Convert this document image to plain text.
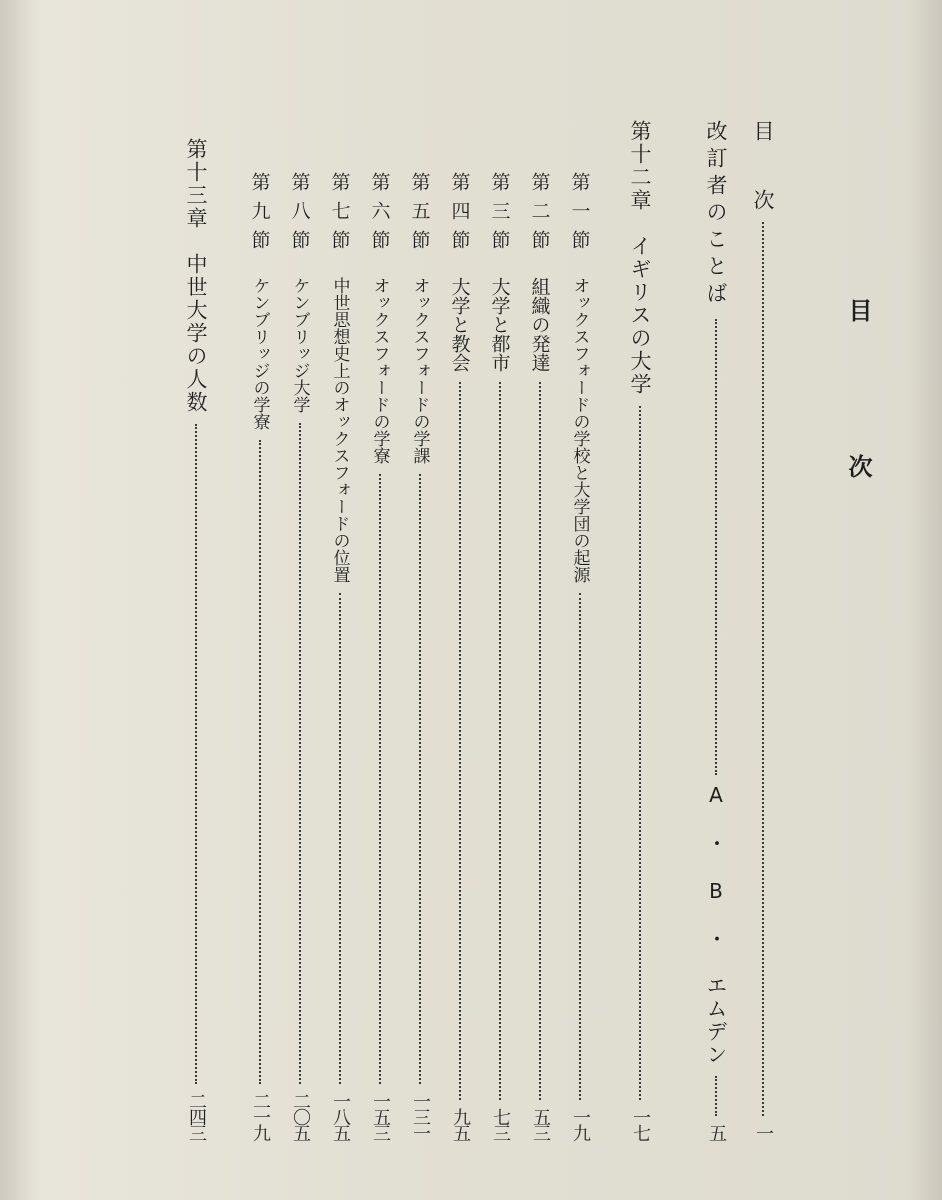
目　次
目　　次
一
改訂者のことば
A  ・  B  ・  エムデン
五
第十二章　イギリスの大学
一七
第一節
オックスフォードの学校と大学団の起源
一九
第二節
組織の発達
五三
第三節
大学と都市
七三
第四節
大学と教会
九五
第五節
オックスフォードの学課
一三一
第六節
オックスフォードの学寮
一五三
第七節
中世思想史上のオックスフォードの位置
一八五
第八節
ケンブリッジ大学
二〇五
第九節
ケンブリッジの学寮
二一九
第十三章　中世大学の人数
二四三
